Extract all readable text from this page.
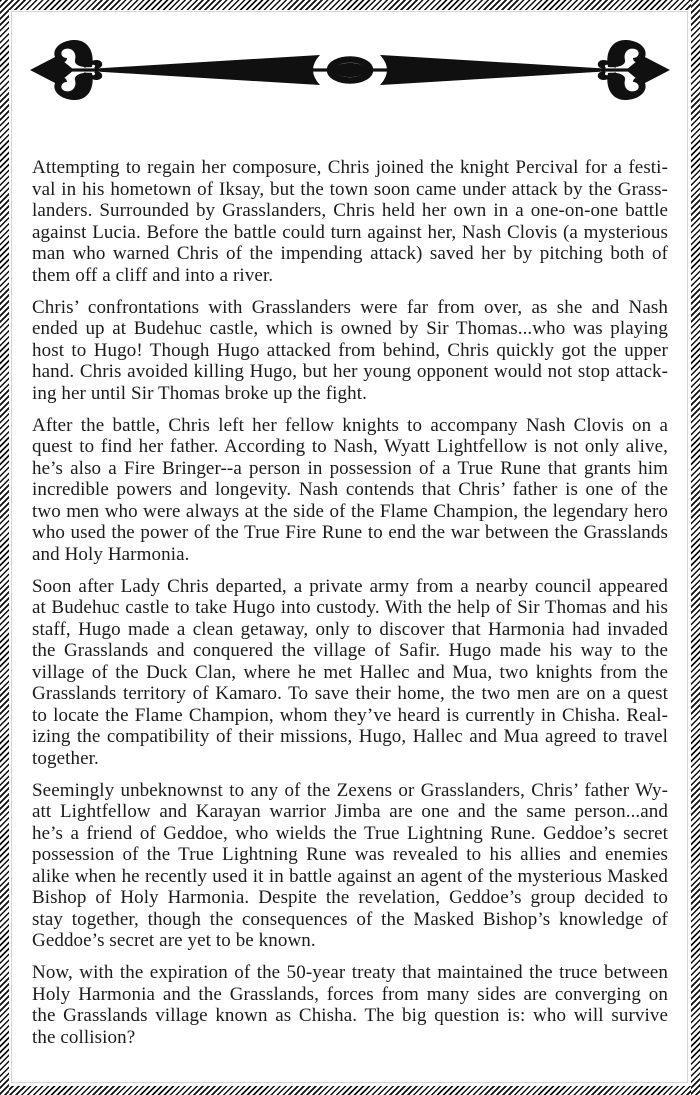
Attempting to regain her composure, Chris joined the knight Percival for a festi-
val in his hometown of Iksay, but the town soon came under attack by the Grass-
landers. Surrounded by Grasslanders, Chris held her own in a one-on-one battle
against Lucia. Before the battle could turn against her, Nash Clovis (a mysterious
man who warned Chris of the impending attack) saved her by pitching both of
them off a cliff and into a river.
Chris’ confrontations with Grasslanders were far from over, as she and Nash
ended up at Budehuc castle, which is owned by Sir Thomas...who was playing
host to Hugo! Though Hugo attacked from behind, Chris quickly got the upper
hand. Chris avoided killing Hugo, but her young opponent would not stop attack-
ing her until Sir Thomas broke up the fight.
After the battle, Chris left her fellow knights to accompany Nash Clovis on a
quest to find her father. According to Nash, Wyatt Lightfellow is not only alive,
he’s also a Fire Bringer--a person in possession of a True Rune that grants him
incredible powers and longevity. Nash contends that Chris’ father is one of the
two men who were always at the side of the Flame Champion, the legendary hero
who used the power of the True Fire Rune to end the war between the Grasslands
and Holy Harmonia.
Soon after Lady Chris departed, a private army from a nearby council appeared
at Budehuc castle to take Hugo into custody. With the help of Sir Thomas and his
staff, Hugo made a clean getaway, only to discover that Harmonia had invaded
the Grasslands and conquered the village of Safir. Hugo made his way to the
village of the Duck Clan, where he met Hallec and Mua, two knights from the
Grasslands territory of Kamaro. To save their home, the two men are on a quest
to locate the Flame Champion, whom they’ve heard is currently in Chisha. Real-
izing the compatibility of their missions, Hugo, Hallec and Mua agreed to travel
together.
Seemingly unbeknownst to any of the Zexens or Grasslanders, Chris’ father Wy-
att Lightfellow and Karayan warrior Jimba are one and the same person...and
he’s a friend of Geddoe, who wields the True Lightning Rune. Geddoe’s secret
possession of the True Lightning Rune was revealed to his allies and enemies
alike when he recently used it in battle against an agent of the mysterious Masked
Bishop of Holy Harmonia. Despite the revelation, Geddoe’s group decided to
stay together, though the consequences of the Masked Bishop’s knowledge of
Geddoe’s secret are yet to be known.
Now, with the expiration of the 50-year treaty that maintained the truce between
Holy Harmonia and the Grasslands, forces from many sides are converging on
the Grasslands village known as Chisha. The big question is: who will survive
the collision?
